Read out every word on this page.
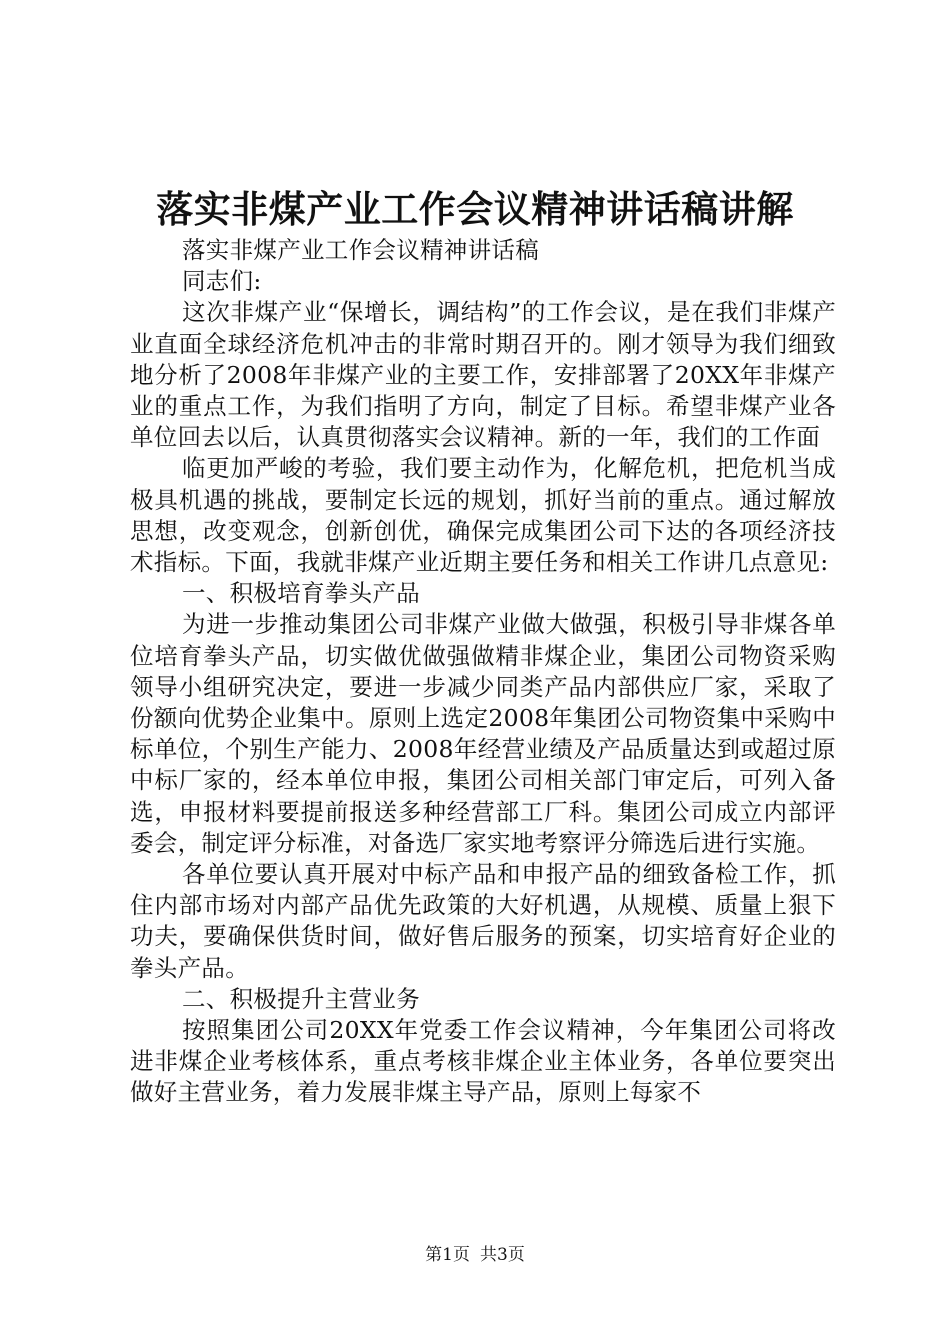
落实非煤产业工作会议精神讲话稿讲解

落实非煤产业工作会议精神讲话稿

同志们:

这次非煤产业“保增长，调结构”的工作会议，是在我们非煤产业直面全球经济危机冲击的非常时期召开的。刚才领导为我们细致地分析了2008年非煤产业的主要工作，安排部署了20XX年非煤产业的重点工作，为我们指明了方向，制定了目标。希望非煤产业各单位回去以后，认真贯彻落实会议精神。新的一年，我们的工作面

临更加严峻的考验，我们要主动作为，化解危机，把危机当成极具机遇的挑战，要制定长远的规划，抓好当前的重点。通过解放思想，改变观念，创新创优，确保完成集团公司下达的各项经济技术指标。下面，我就非煤产业近期主要任务和相关工作讲几点意见:

一、积极培育拳头产品

为进一步推动集团公司非煤产业做大做强，积极引导非煤各单位培育拳头产品，切实做优做强做精非煤企业，集团公司物资采购领导小组研究决定，要进一步减少同类产品内部供应厂家，采取了份额向优势企业集中。原则上选定2008年集团公司物资集中采购中标单位，个别生产能力、2008年经营业绩及产品质量达到或超过原中标厂家的，经本单位申报，集团公司相关部门审定后，可列入备选，申报材料要提前报送多种经营部工厂科。集团公司成立内部评委会，制定评分标准，对备选厂家实地考察评分筛选后进行实施。

各单位要认真开展对中标产品和申报产品的细致备检工作，抓住内部市场对内部产品优先政策的大好机遇，从规模、质量上狠下功夫，要确保供货时间，做好售后服务的预案，切实培育好企业的拳头产品。

二、积极提升主营业务

按照集团公司20XX年党委工作会议精神，今年集团公司将改进非煤企业考核体系，重点考核非煤企业主体业务，各单位要突出做好主营业务，着力发展非煤主导产品，原则上每家不

第1页 共3页
